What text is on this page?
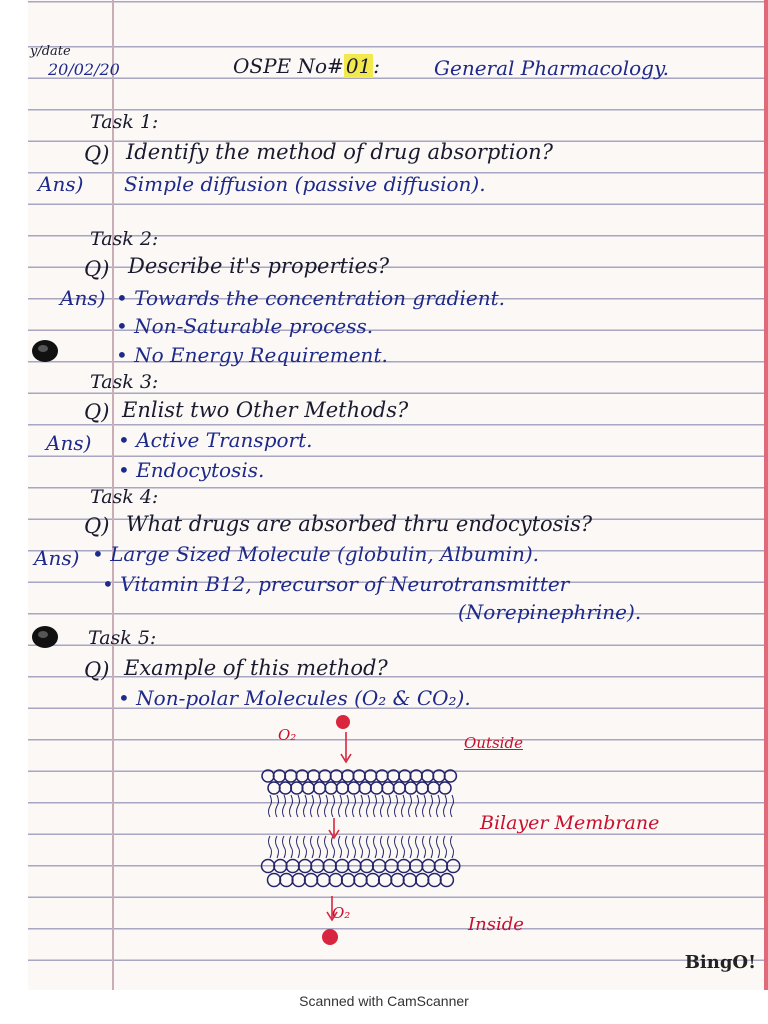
y/date
20/02/20	OSPE No# 01 :	General Pharmacology.
Task 1:
Q) Identify the method of drug absorption?
Ans) Simple diffusion (passive diffusion).
Task 2:
Q) Describe it's properties?
Ans) • Towards the concentration gradient.
• Non-Saturable process.
• No Energy Requirement.
Task 3:
Q) Enlist two Other Methods?
Ans) • Active Transport.
• Endocytosis.
Task 4:
Q) What drugs are absorbed thru endocytosis?
Ans) • Large Sized Molecule (globulin, Albumin).
• Vitamin B12, precursor of Neurotransmitter
(Norepinephrine).
Task 5:
Q) Example of this method?
• Non-polar Molecules (O₂ & CO₂).
O₂	Outside
Bilayer Membrane
O₂
Inside
BingO!
Scanned with CamScanner
